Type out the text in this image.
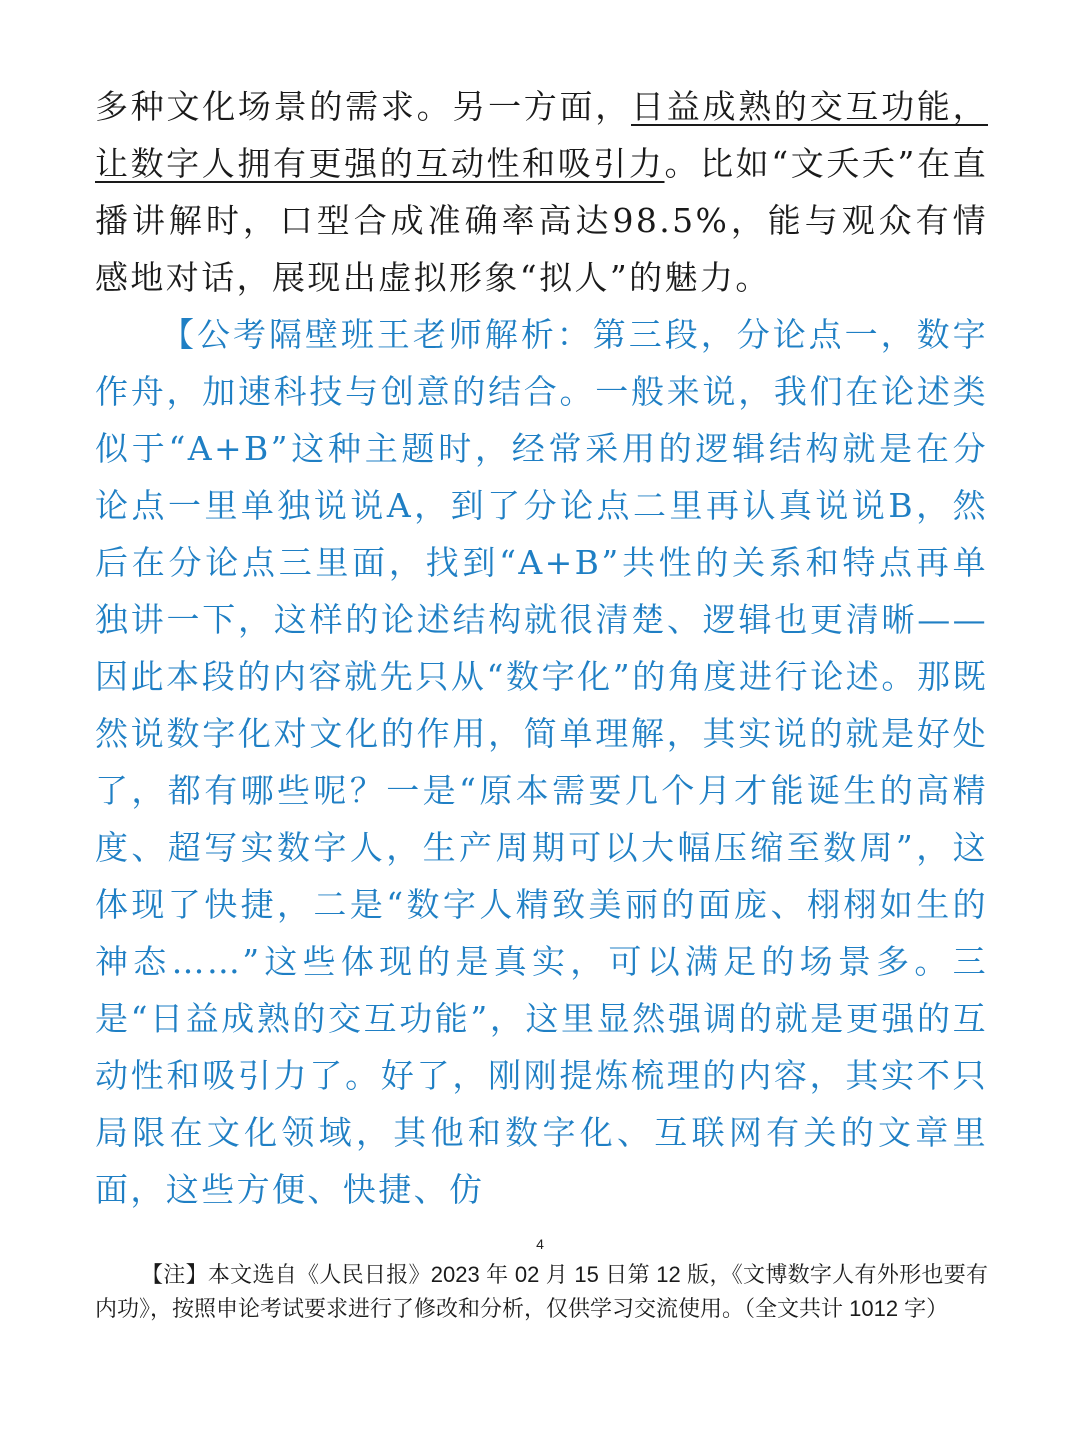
多种文化场景的需求。另一方面，日益成熟的交互功能，让数字人拥有更强的互动性和吸引力。比如“文夭夭”在直播讲解时，口型合成准确率高达98.5%，能与观众有情感地对话，展现出虚拟形象“拟人”的魅力。
【公考隔壁班王老师解析：第三段，分论点一，数字作舟，加速科技与创意的结合。一般来说，我们在论述类似于“A+B”这种主题时，经常采用的逻辑结构就是在分论点一里单独说说A，到了分论点二里再认真说说B，然后在分论点三里面，找到“A+B”共性的关系和特点再单独讲一下，这样的论述结构就很清楚、逻辑也更清晰——因此本段的内容就先只从“数字化”的角度进行论述。那既然说数字化对文化的作用，简单理解，其实说的就是好处了，都有哪些呢？一是“原本需要几个月才能诞生的高精度、超写实数字人，生产周期可以大幅压缩至数周”，这体现了快捷，二是“数字人精致美丽的面庞、栩栩如生的神态……”这些体现的是真实，可以满足的场景多。三是“日益成熟的交互功能”，这里显然强调的就是更强的互动性和吸引力了。好了，刚刚提炼梳理的内容，其实不只局限在文化领域，其他和数字化、互联网有关的文章里面，这些方便、快捷、仿
4
【注】本文选自《人民日报》2023 年 02 月 15 日第 12 版，《文博数字人有外形也要有内功》，按照申论考试要求进行了修改和分析，仅供学习交流使用。（全文共计 1012 字）
